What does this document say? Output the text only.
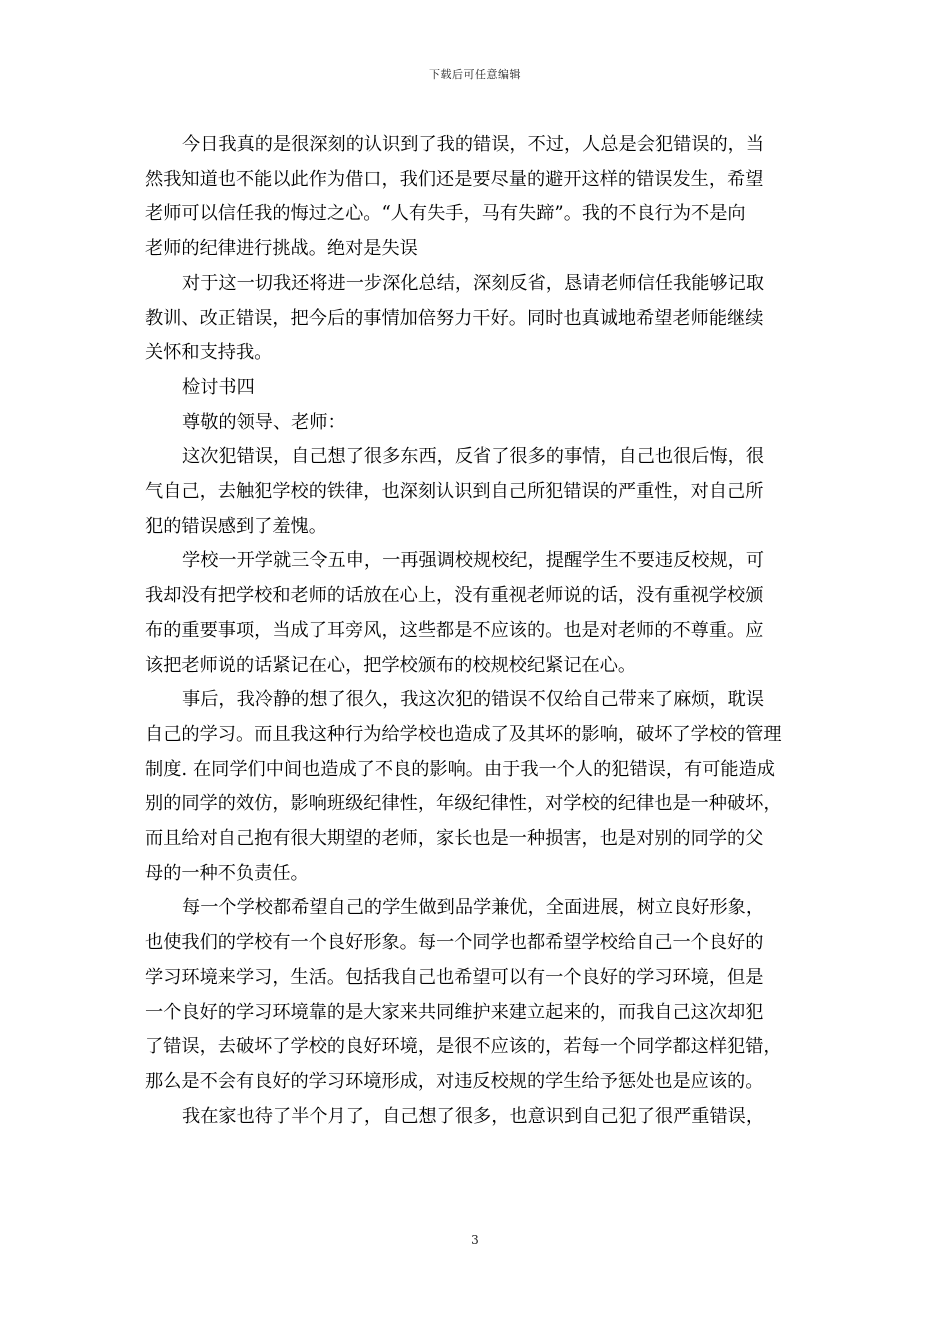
下载后可任意编辑
今日我真的是很深刻的认识到了我的错误，不过，人总是会犯错误的，当
然我知道也不能以此作为借口，我们还是要尽量的避开这样的错误发生，希望
老师可以信任我的悔过之心。“人有失手，马有失蹄”。我的不良行为不是向
老师的纪律进行挑战。绝对是失误
对于这一切我还将进一步深化总结，深刻反省，恳请老师信任我能够记取
教训、改正错误，把今后的事情加倍努力干好。同时也真诚地希望老师能继续
关怀和支持我。
检讨书四
尊敬的领导、老师：
这次犯错误，自己想了很多东西，反省了很多的事情，自己也很后悔，很
气自己，去触犯学校的铁律，也深刻认识到自己所犯错误的严重性，对自己所
犯的错误感到了羞愧。
学校一开学就三令五申，一再强调校规校纪，提醒学生不要违反校规，可
我却没有把学校和老师的话放在心上，没有重视老师说的话，没有重视学校颁
布的重要事项，当成了耳旁风，这些都是不应该的。也是对老师的不尊重。应
该把老师说的话紧记在心，把学校颁布的校规校纪紧记在心。
事后，我冷静的想了很久，我这次犯的错误不仅给自己带来了麻烦，耽误
自己的学习。而且我这种行为给学校也造成了及其坏的影响，破坏了学校的管理
制度. 在同学们中间也造成了不良的影响。由于我一个人的犯错误，有可能造成
别的同学的效仿，影响班级纪律性，年级纪律性，对学校的纪律也是一种破坏，
而且给对自己抱有很大期望的老师，家长也是一种损害，也是对别的同学的父
母的一种不负责任。
每一个学校都希望自己的学生做到品学兼优，全面进展，树立良好形象，
也使我们的学校有一个良好形象。每一个同学也都希望学校给自己一个良好的
学习环境来学习，生活。包括我自己也希望可以有一个良好的学习环境，但是
一个良好的学习环境靠的是大家来共同维护来建立起来的，而我自己这次却犯
了错误，去破坏了学校的良好环境，是很不应该的，若每一个同学都这样犯错，
那么是不会有良好的学习环境形成，对违反校规的学生给予惩处也是应该的。
我在家也待了半个月了，自己想了很多，也意识到自己犯了很严重错误，
3
